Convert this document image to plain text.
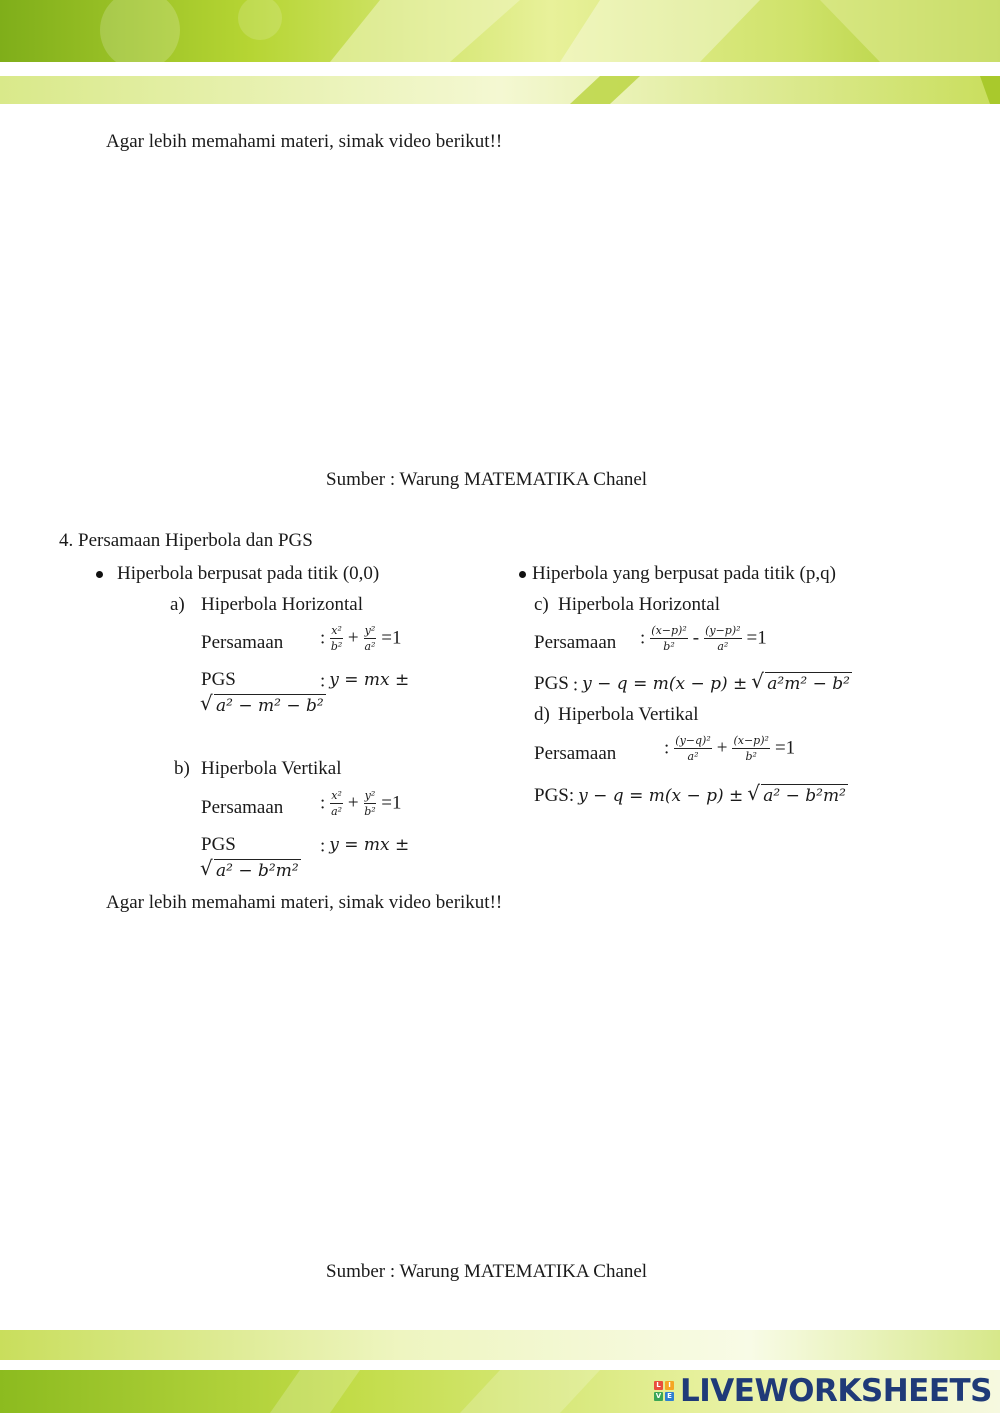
Agar lebih memahami materi, simak video berikut!!
Sumber : Warung MATEMATIKA Chanel
4. Persamaan Hiperbola dan PGS
Hiperbola berpusat pada titik (0,0)
a) Hiperbola Horizontal
Persamaan : $\frac{\text{x²}}{\text{b²}} + \frac{\text{y²}}{\text{a²}} =1$
PGS	: y = mx ±
√ a² − m² − b²
b) Hiperbola Vertikal
Persamaan : $\frac{\text{x²}}{\text{a²}} + \frac{\text{y²}}{\text{b²}} =1$
PGS	: y = mx ±
√ a² − b²m²
Hiperbola yang berpusat pada titik (p,q)
c) Hiperbola Horizontal
Persamaan : $\frac{\text{(x−p)²}}{\text{b²}} - \frac{\text{(y−p)²}}{\text{a²}} =1$
PGS : y − q = m(x − p) ± √ a²m² − b²
d) Hiperbola Vertikal
Persamaan	: $\frac{\text{(y−q)²}}{\text{a²}} + \frac{\text{(x−p)²}}{\text{b²}} =1$
PGS: y − q = m(x − p) ± √ a² − b²m²
Agar lebih memahami materi, simak video berikut!!
Sumber : Warung MATEMATIKA Chanel
L	I
V E LIVEWORKSHEETS
